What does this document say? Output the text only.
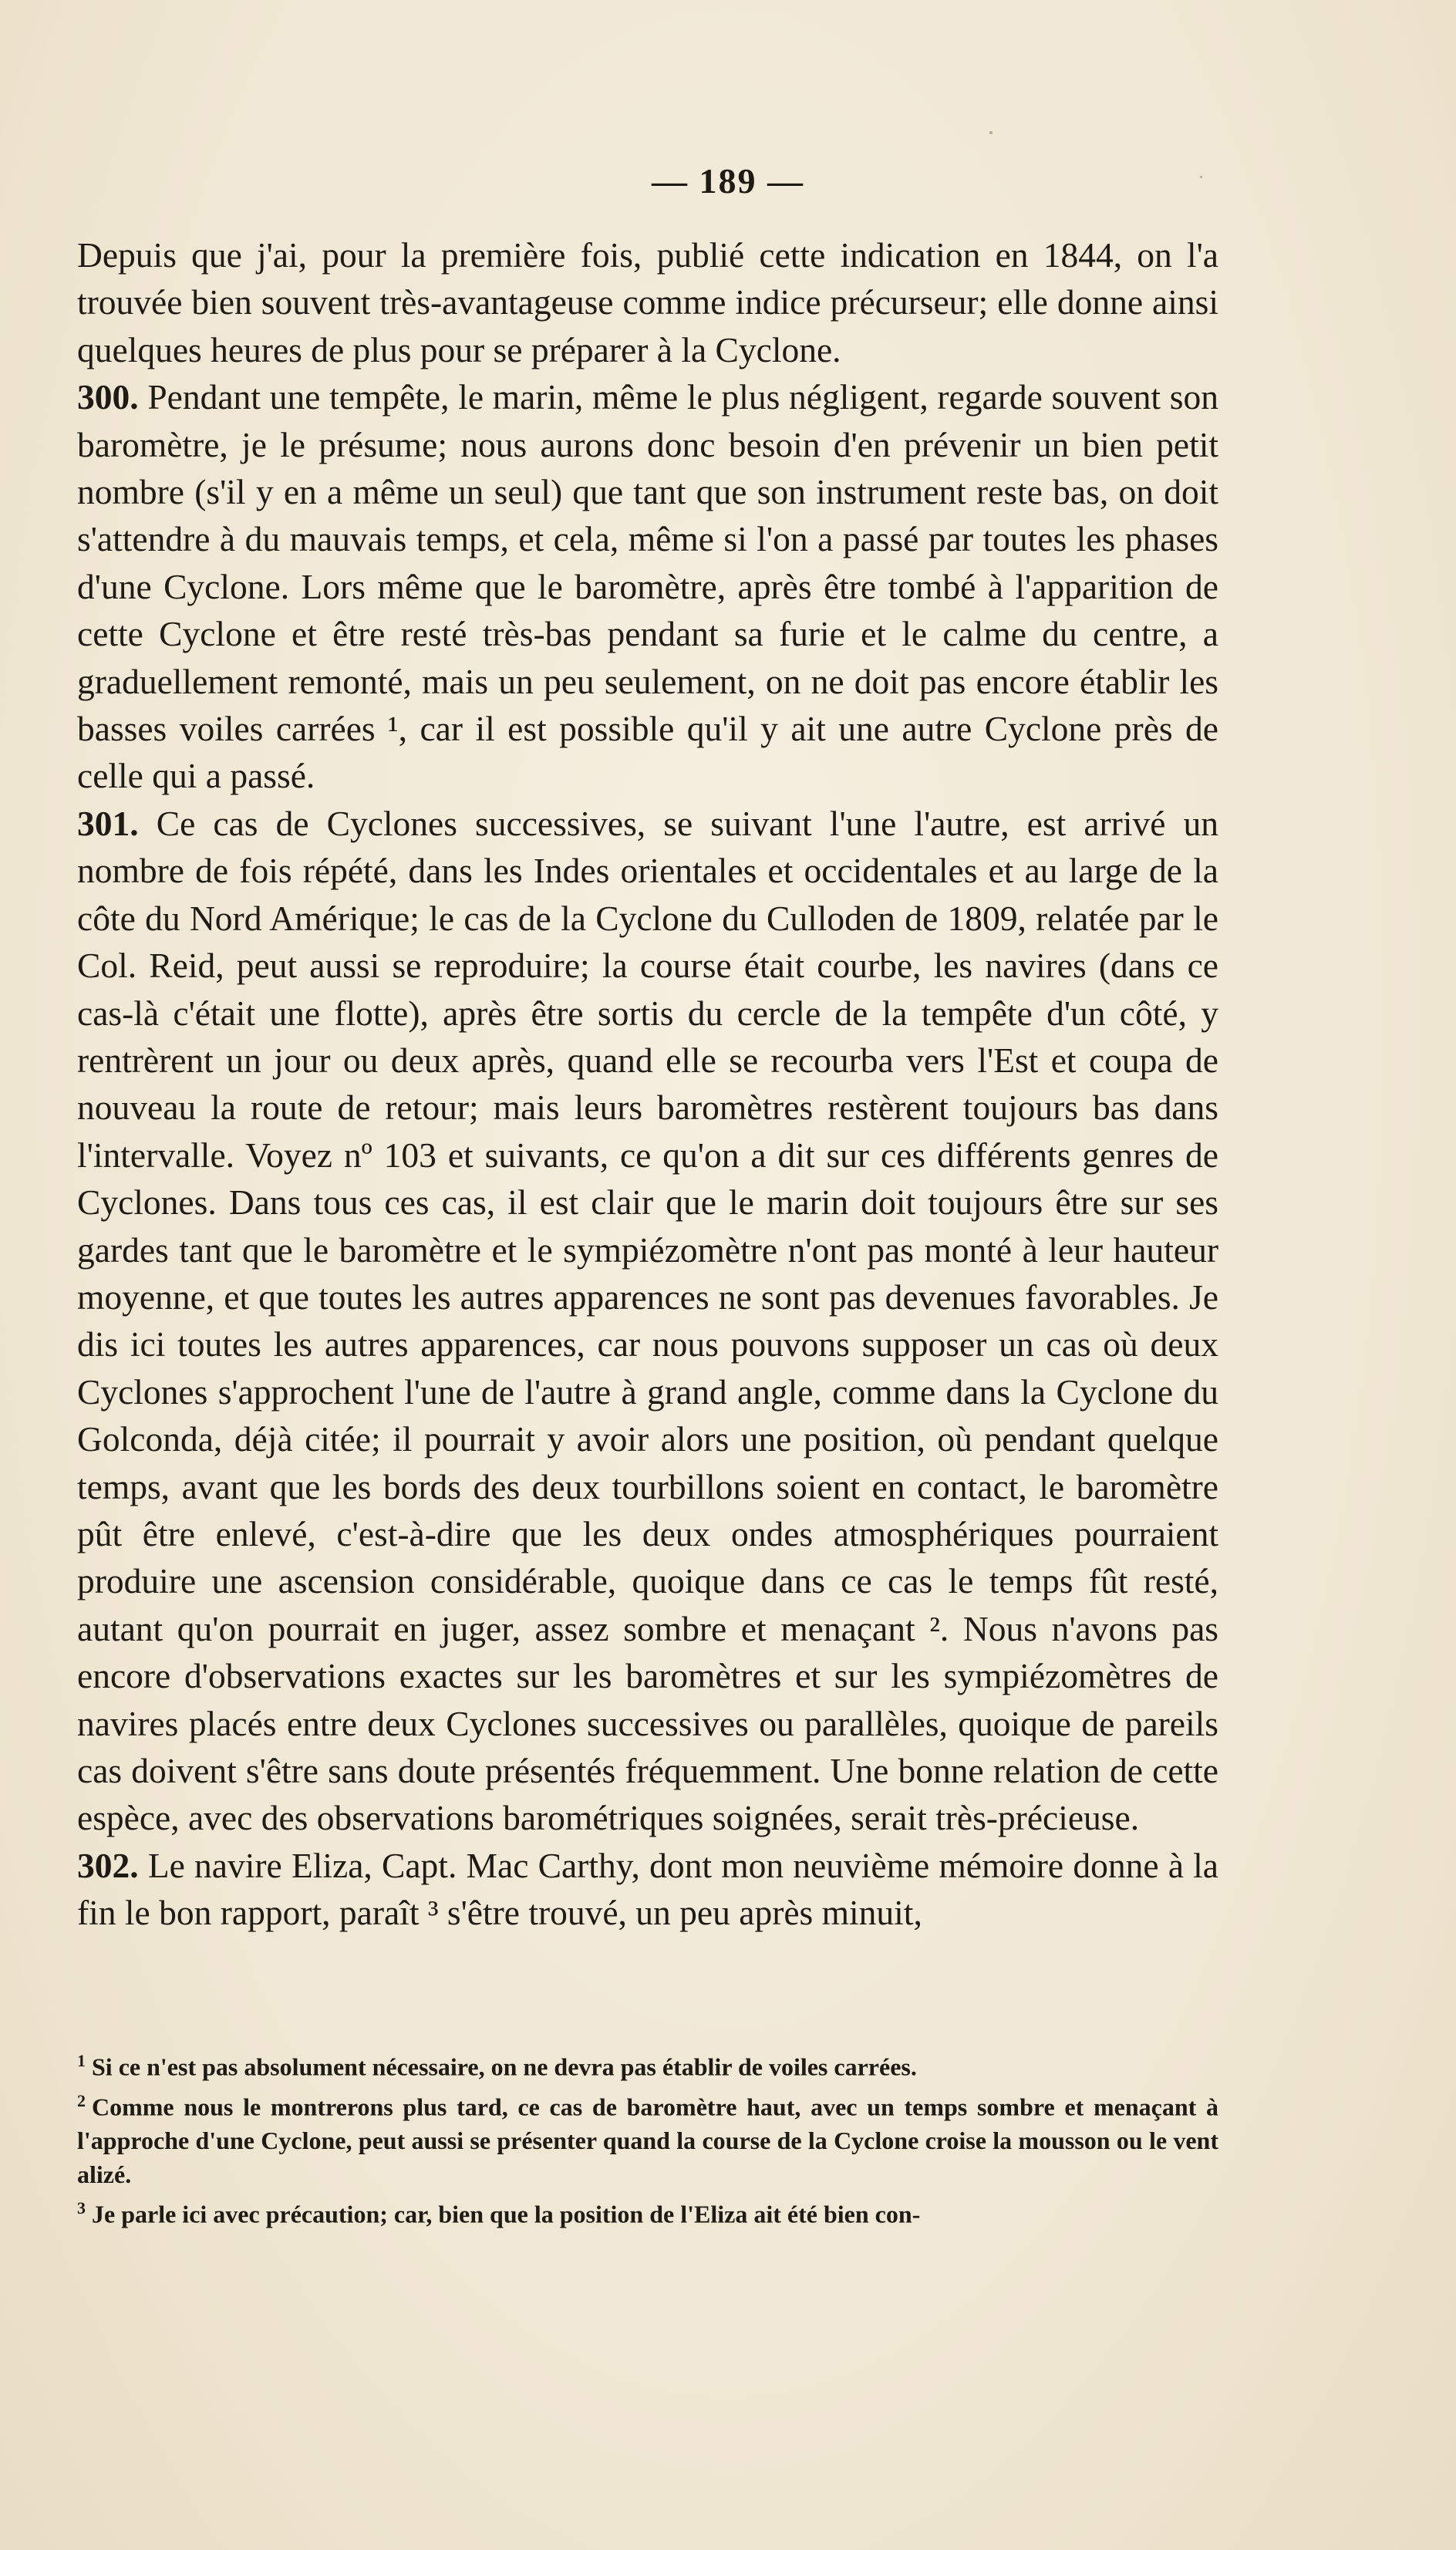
— 189 —

Depuis que j'ai, pour la première fois, publié cette indication en 1844, on l'a trouvée bien souvent très-avantageuse comme indice précurseur; elle donne ainsi quelques heures de plus pour se préparer à la Cyclone.

300. Pendant une tempête, le marin, même le plus négligent, regarde souvent son baromètre, je le présume; nous aurons donc besoin d'en prévenir un bien petit nombre (s'il y en a même un seul) que tant que son instrument reste bas, on doit s'attendre à du mauvais temps, et cela, même si l'on a passé par toutes les phases d'une Cyclone. Lors même que le baromètre, après être tombé à l'apparition de cette Cyclone et être resté très-bas pendant sa furie et le calme du centre, a graduellement remonté, mais un peu seulement, on ne doit pas encore établir les basses voiles carrées ¹, car il est possible qu'il y ait une autre Cyclone près de celle qui a passé.

301. Ce cas de Cyclones successives, se suivant l'une l'autre, est arrivé un nombre de fois répété, dans les Indes orientales et occidentales et au large de la côte du Nord Amérique; le cas de la Cyclone du Culloden de 1809, relatée par le Col. Reid, peut aussi se reproduire; la course était courbe, les navires (dans ce cas-là c'était une flotte), après être sortis du cercle de la tempête d'un côté, y rentrèrent un jour ou deux après, quand elle se recourba vers l'Est et coupa de nouveau la route de retour; mais leurs baromètres restèrent toujours bas dans l'intervalle. Voyez nº 103 et suivants, ce qu'on a dit sur ces différents genres de Cyclones. Dans tous ces cas, il est clair que le marin doit toujours être sur ses gardes tant que le baromètre et le sympiézomètre n'ont pas monté à leur hauteur moyenne, et que toutes les autres apparences ne sont pas devenues favorables. Je dis ici toutes les autres apparences, car nous pouvons supposer un cas où deux Cyclones s'approchent l'une de l'autre à grand angle, comme dans la Cyclone du Golconda, déjà citée; il pourrait y avoir alors une position, où pendant quelque temps, avant que les bords des deux tourbillons soient en contact, le baromètre pût être enlevé, c'est-à-dire que les deux ondes atmosphériques pourraient produire une ascension considérable, quoique dans ce cas le temps fût resté, autant qu'on pourrait en juger, assez sombre et menaçant ². Nous n'avons pas encore d'observations exactes sur les baromètres et sur les sympiézomètres de navires placés entre deux Cyclones successives ou parallèles, quoique de pareils cas doivent s'être sans doute présentés fréquemment. Une bonne relation de cette espèce, avec des observations barométriques soignées, serait très-précieuse.

302. Le navire Eliza, Capt. Mac Carthy, dont mon neuvième mémoire donne à la fin le bon rapport, paraît ³ s'être trouvé, un peu après minuit,

$^1$ Si ce n'est pas absolument nécessaire, on ne devra pas établir de voiles carrées.

$^2$ Comme nous le montrerons plus tard, ce cas de baromètre haut, avec un temps sombre et menaçant à l'approche d'une Cyclone, peut aussi se présenter quand la course de la Cyclone croise la mousson ou le vent alizé.

$^3$ Je parle ici avec précaution; car, bien que la position de l'Eliza ait été bien con-
